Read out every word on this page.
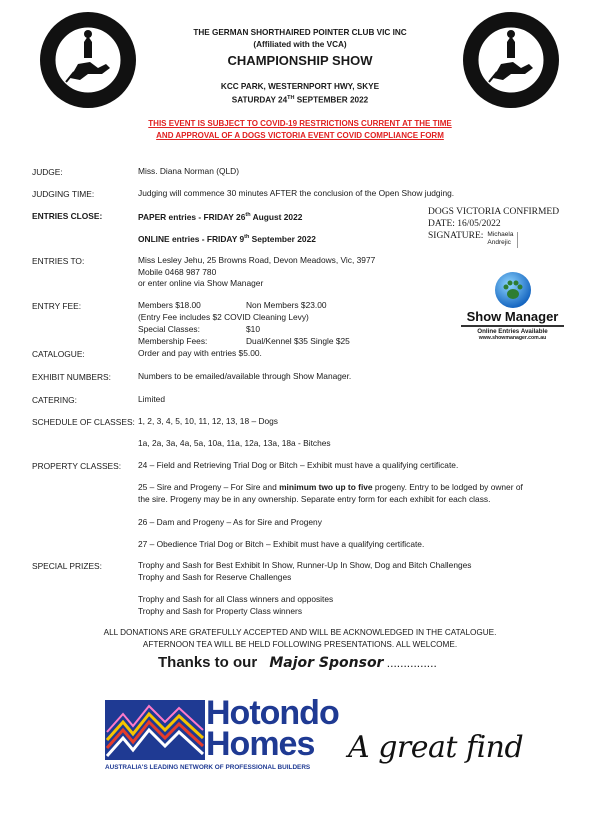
THE GERMAN SHORTHAIRED POINTER CLUB VIC INC
(Affiliated with the VCA)
CHAMPIONSHIP SHOW
KCC PARK, WESTERNPORT HWY, SKYE
SATURDAY 24TH SEPTEMBER 2022
THIS EVENT IS SUBJECT TO COVID-19 RESTRICTIONS CURRENT AT THE TIME
AND APPROVAL OF A DOGS VICTORIA EVENT COVID COMPLIANCE FORM
JUDGE:	Miss. Diana Norman (QLD)
JUDGING TIME:	Judging will commence 30 minutes AFTER the conclusion of the Open Show judging.
ENTRIES CLOSE:	PAPER entries - FRIDAY 26th August 2022
ONLINE entries - FRIDAY 9th September 2022
DOGS VICTORIA CONFIRMED
DATE: 16/05/2022
SIGNATURE: Michaela
Andrejic
ENTRIES TO:	Miss Lesley Jehu, 25 Browns Road, Devon Meadows, Vic, 3977
Mobile 0468 987 780
or enter online via Show Manager
Show Manager
Online Entries Available
www.showmanager.com.au
ENTRY FEE:	Members $18.00	Non Members $23.00
(Entry Fee includes $2 COVID Cleaning Levy)
Special Classes:	$10
Membership Fees:	Dual/Kennel $35 Single $25
CATALOGUE:	Order and pay with entries $5.00.
EXHIBIT NUMBERS:	Numbers to be emailed/available through Show Manager.
CATERING:	Limited
SCHEDULE OF CLASSES: 1, 2, 3, 4, 5, 10, 11, 12, 13, 18 – Dogs
1a, 2a, 3a, 4a, 5a, 10a, 11a, 12a, 13a, 18a - Bitches
PROPERTY CLASSES: 24 – Field and Retrieving Trial Dog or Bitch – Exhibit must have a qualifying certificate.
25 – Sire and Progeny – For Sire and minimum two up to five progeny. Entry to be lodged by owner of
the sire. Progeny may be in any ownership. Separate entry form for each exhibit for each class.
26 – Dam and Progeny – As for Sire and Progeny
27 – Obedience Trial Dog or Bitch – Exhibit must have a qualifying certificate.
SPECIAL PRIZES:	Trophy and Sash for Best Exhibit In Show, Runner-Up In Show, Dog and Bitch Challenges
Trophy and Sash for Reserve Challenges
Trophy and Sash for all Class winners and opposites
Trophy and Sash for Property Class winners
ALL DONATIONS ARE GRATEFULLY ACCEPTED AND WILL BE ACKNOWLEDGED IN THE CATALOGUE.
AFTERNOON TEA WILL BE HELD FOLLOWING PRESENTATIONS. ALL WELCOME.
Thanks to our Major Sponsor ...............
Hotondo
Homes
AUSTRALIA'S LEADING NETWORK OF PROFESSIONAL BUILDERS
A great find
